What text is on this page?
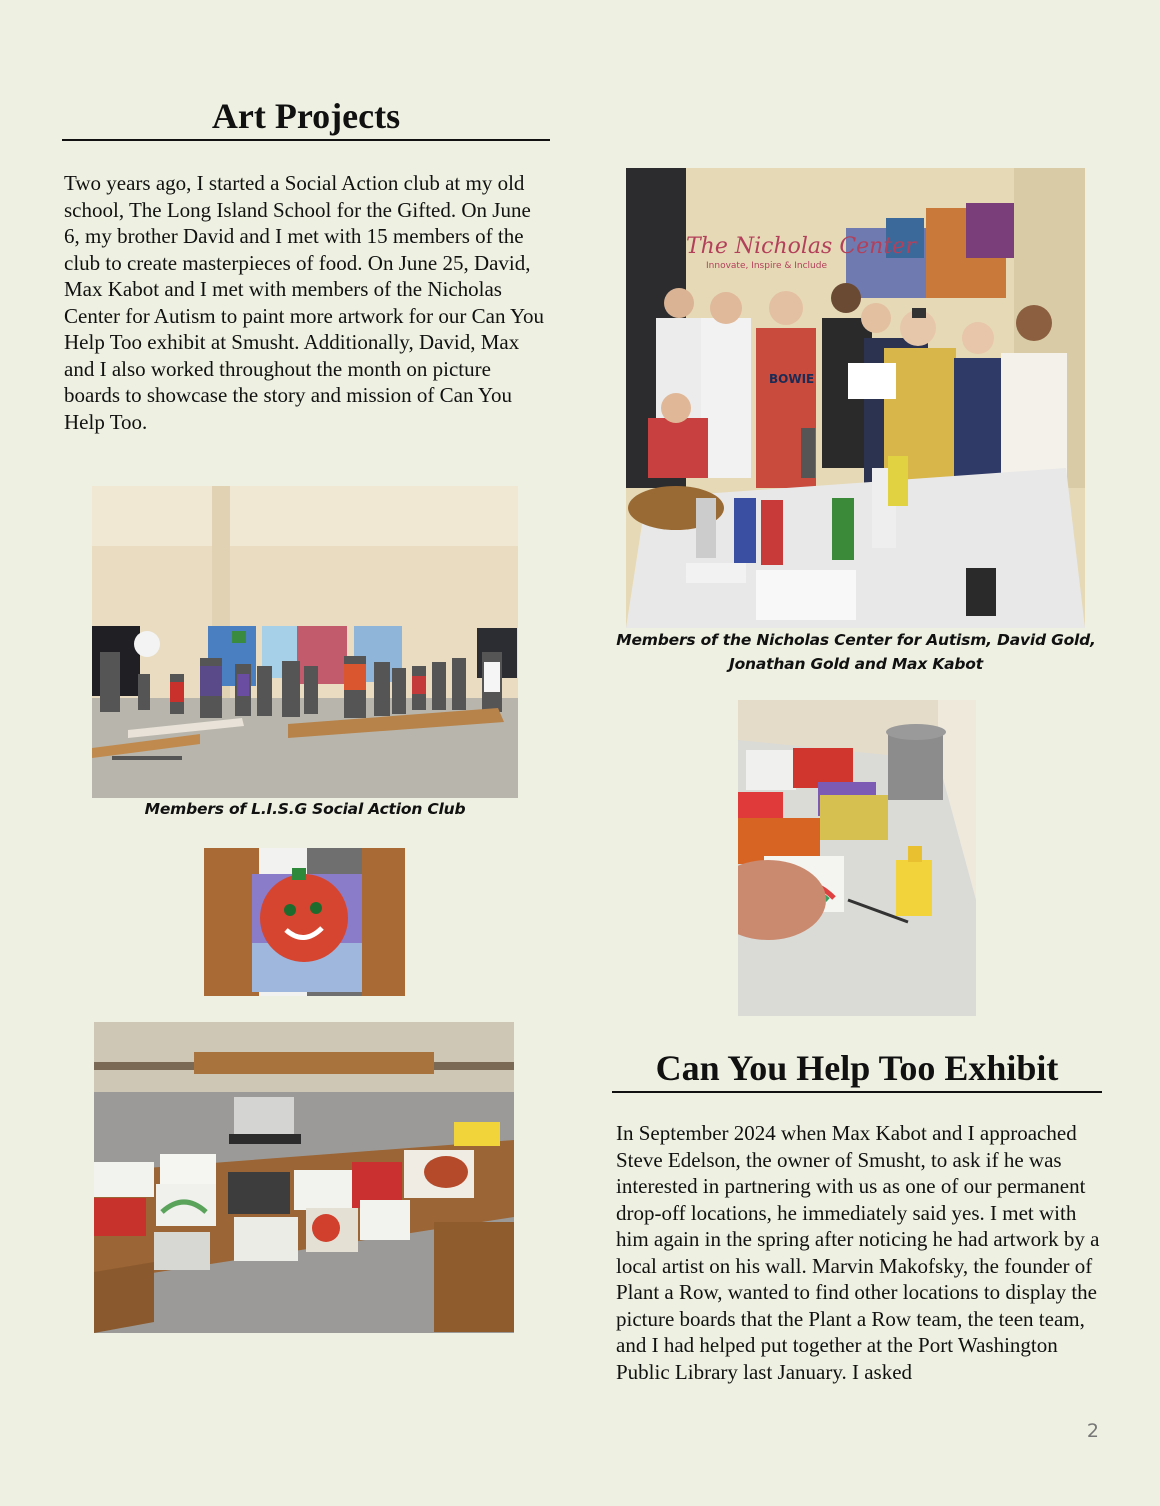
Art Projects

Two years ago, I started a Social Action club at my old school, The Long Island School for the Gifted. On June 6, my brother David and I met with 15 members of the club to create masterpieces of food. On June 25, David, Max Kabot and I met with members of the Nicholas Center for Autism to paint more artwork for our Can You Help Too exhibit at Smusht. Additionally, David, Max and I also worked throughout the month on picture boards to showcase the story and mission of Can You Help Too.

Members of L.I.S.G Social Action Club

The Nicholas Center
Innovate, Inspire & Include
BOWIE

Members of the Nicholas Center for Autism, David Gold, Jonathan Gold and Max Kabot

Can You Help Too Exhibit

In September 2024 when Max Kabot and I approached Steve Edelson, the owner of Smusht, to ask if he was interested in partnering with us as one of our permanent drop-off locations, he immediately said yes. I met with him again in the spring after noticing he had artwork by a local artist on his wall. Marvin Makofsky, the founder of Plant a Row, wanted to find other locations to display the picture boards that the Plant a Row team, the teen team, and I had helped put together at the Port Washington Public Library last January. I asked

2
